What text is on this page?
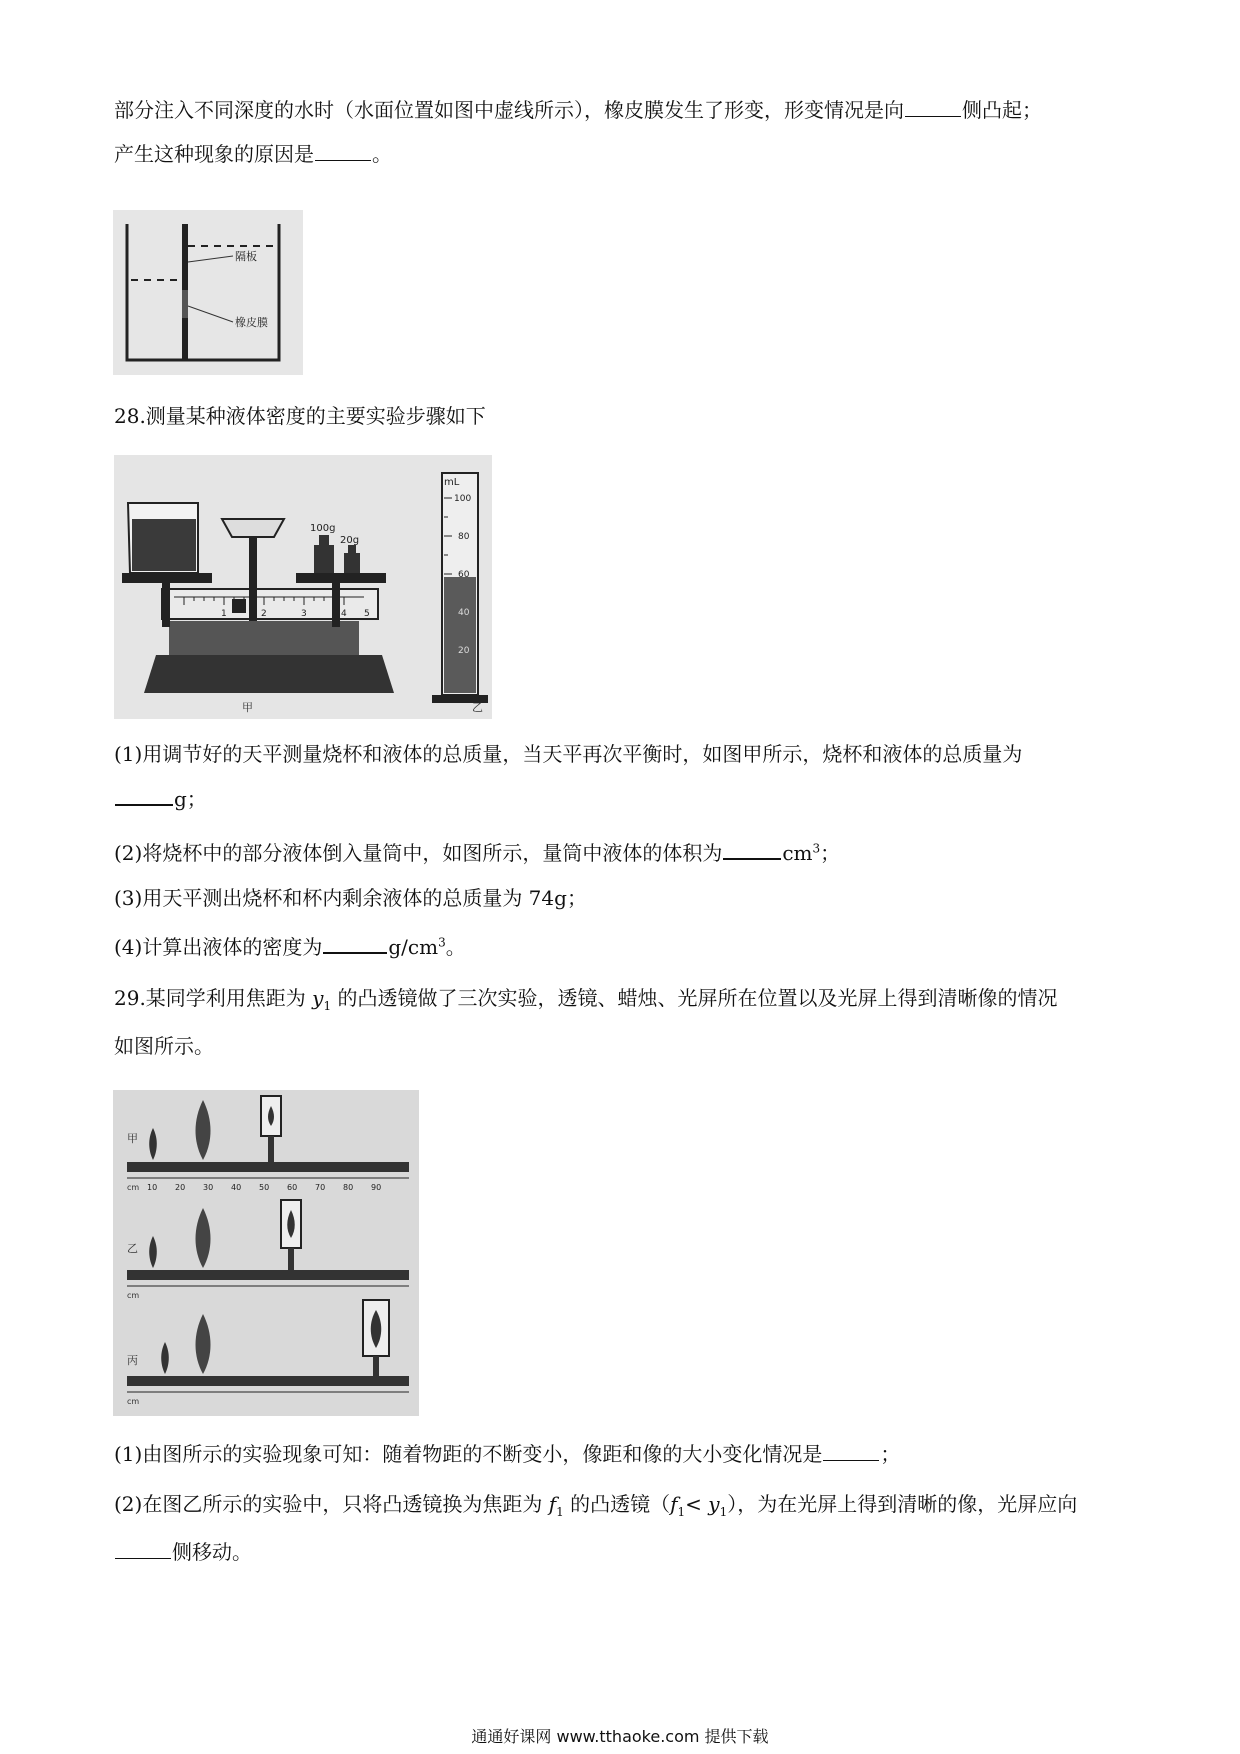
部分注入不同深度的水时（水面位置如图中虚线所示），橡皮膜发生了形变，形变情况是向	侧凸起；
产生这种现象的原因是	。
隔板
橡皮膜
28.测量某种液体密度的主要实验步骤如下
1	2	3	4 5
100g
20g
mL
100
80
60
40
20
甲	乙
(1)用调节好的天平测量烧杯和液体的总质量，当天平再次平衡时，如图甲所示，烧杯和液体的总质量为
g；
(2)将烧杯中的部分液体倒入量筒中，如图所示，量筒中液体的体积为	$cm^3$；
(3)用天平测出烧杯和杯内剩余液体的总质量为 74g；
(4)计算出液体的密度为	$g/cm^3$。
29.某同学利用焦距为 $y_1$ 的凸透镜做了三次实验，透镜、蜡烛、光屏所在位置以及光屏上得到清晰像的情况
如图所示。
甲
乙
丙
cm
cm
cm
10 20 30 40 50 60 70 80 90
(1)由图所示的实验现象可知：随着物距的不断变小，像距和像的大小变化情况是	；
(2)在图乙所示的实验中，只将凸透镜换为焦距为 $f_1$ 的凸透镜$(f_1< y_1)$，为在光屏上得到清晰的像，光屏应向
侧移动。
通通好课网 www.tthaoke.com 提供下载
